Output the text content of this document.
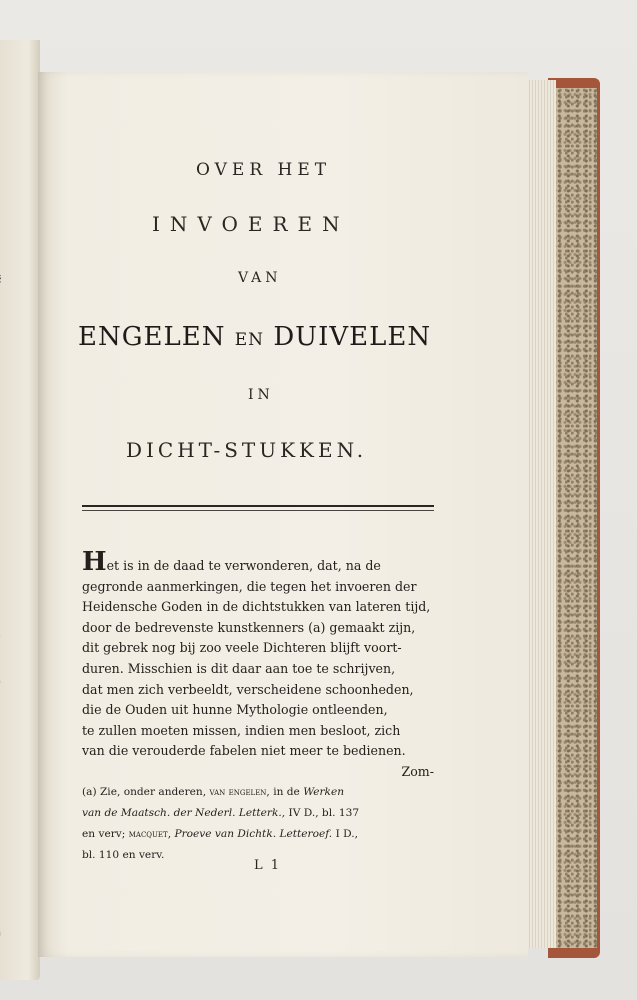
OVER HET
INVOEREN
VAN
ENGELEN EN DUIVELEN
IN
DICHT-STUKKEN.
Het is in de daad te verwonderen, dat, na de
gegronde aanmerkingen, die tegen het invoeren der
Heidensche Goden in de dichtstukken van lateren tijd,
door de bedrevenste kunstkenners (a) gemaakt zijn,
dit gebrek nog bij zoo veele Dichteren blijft voort-
duren. Misschien is dit daar aan toe te schrijven,
dat men zich verbeeldt, verscheidene schoonheden,
die de Ouden uit hunne Mythologie ontleenden,
te zullen moeten missen, indien men besloot, zich
van die verouderde fabelen niet meer te bedienen.
Zom-
(a) Zie, onder anderen, van engelen, in de Werken
van de Maatsch. der Nederl. Letterk., IV D., bl. 137
en verv; macquet, Proeve van Dichtk. Letteroef. I D.,
bl. 110 en verv.
L 1
